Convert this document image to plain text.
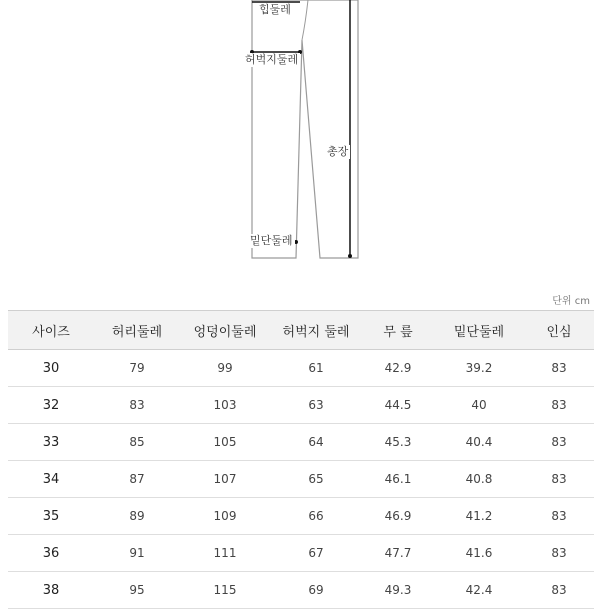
힙둘레
허벅지둘레
총장
밑단둘레
단위 cm
사이즈	허리둘레	엉덩이둘레	허벅지 둘레	무 릎	밑단둘레	인심
30	79	99	61	42.9	39.2	83
32	83	103	63	44.5	40	83
33	85	105	64	45.3	40.4	83
34	87	107	65	46.1	40.8	83
35	89	109	66	46.9	41.2	83
36	91	111	67	47.7	41.6	83
38	95	115	69	49.3	42.4	83
